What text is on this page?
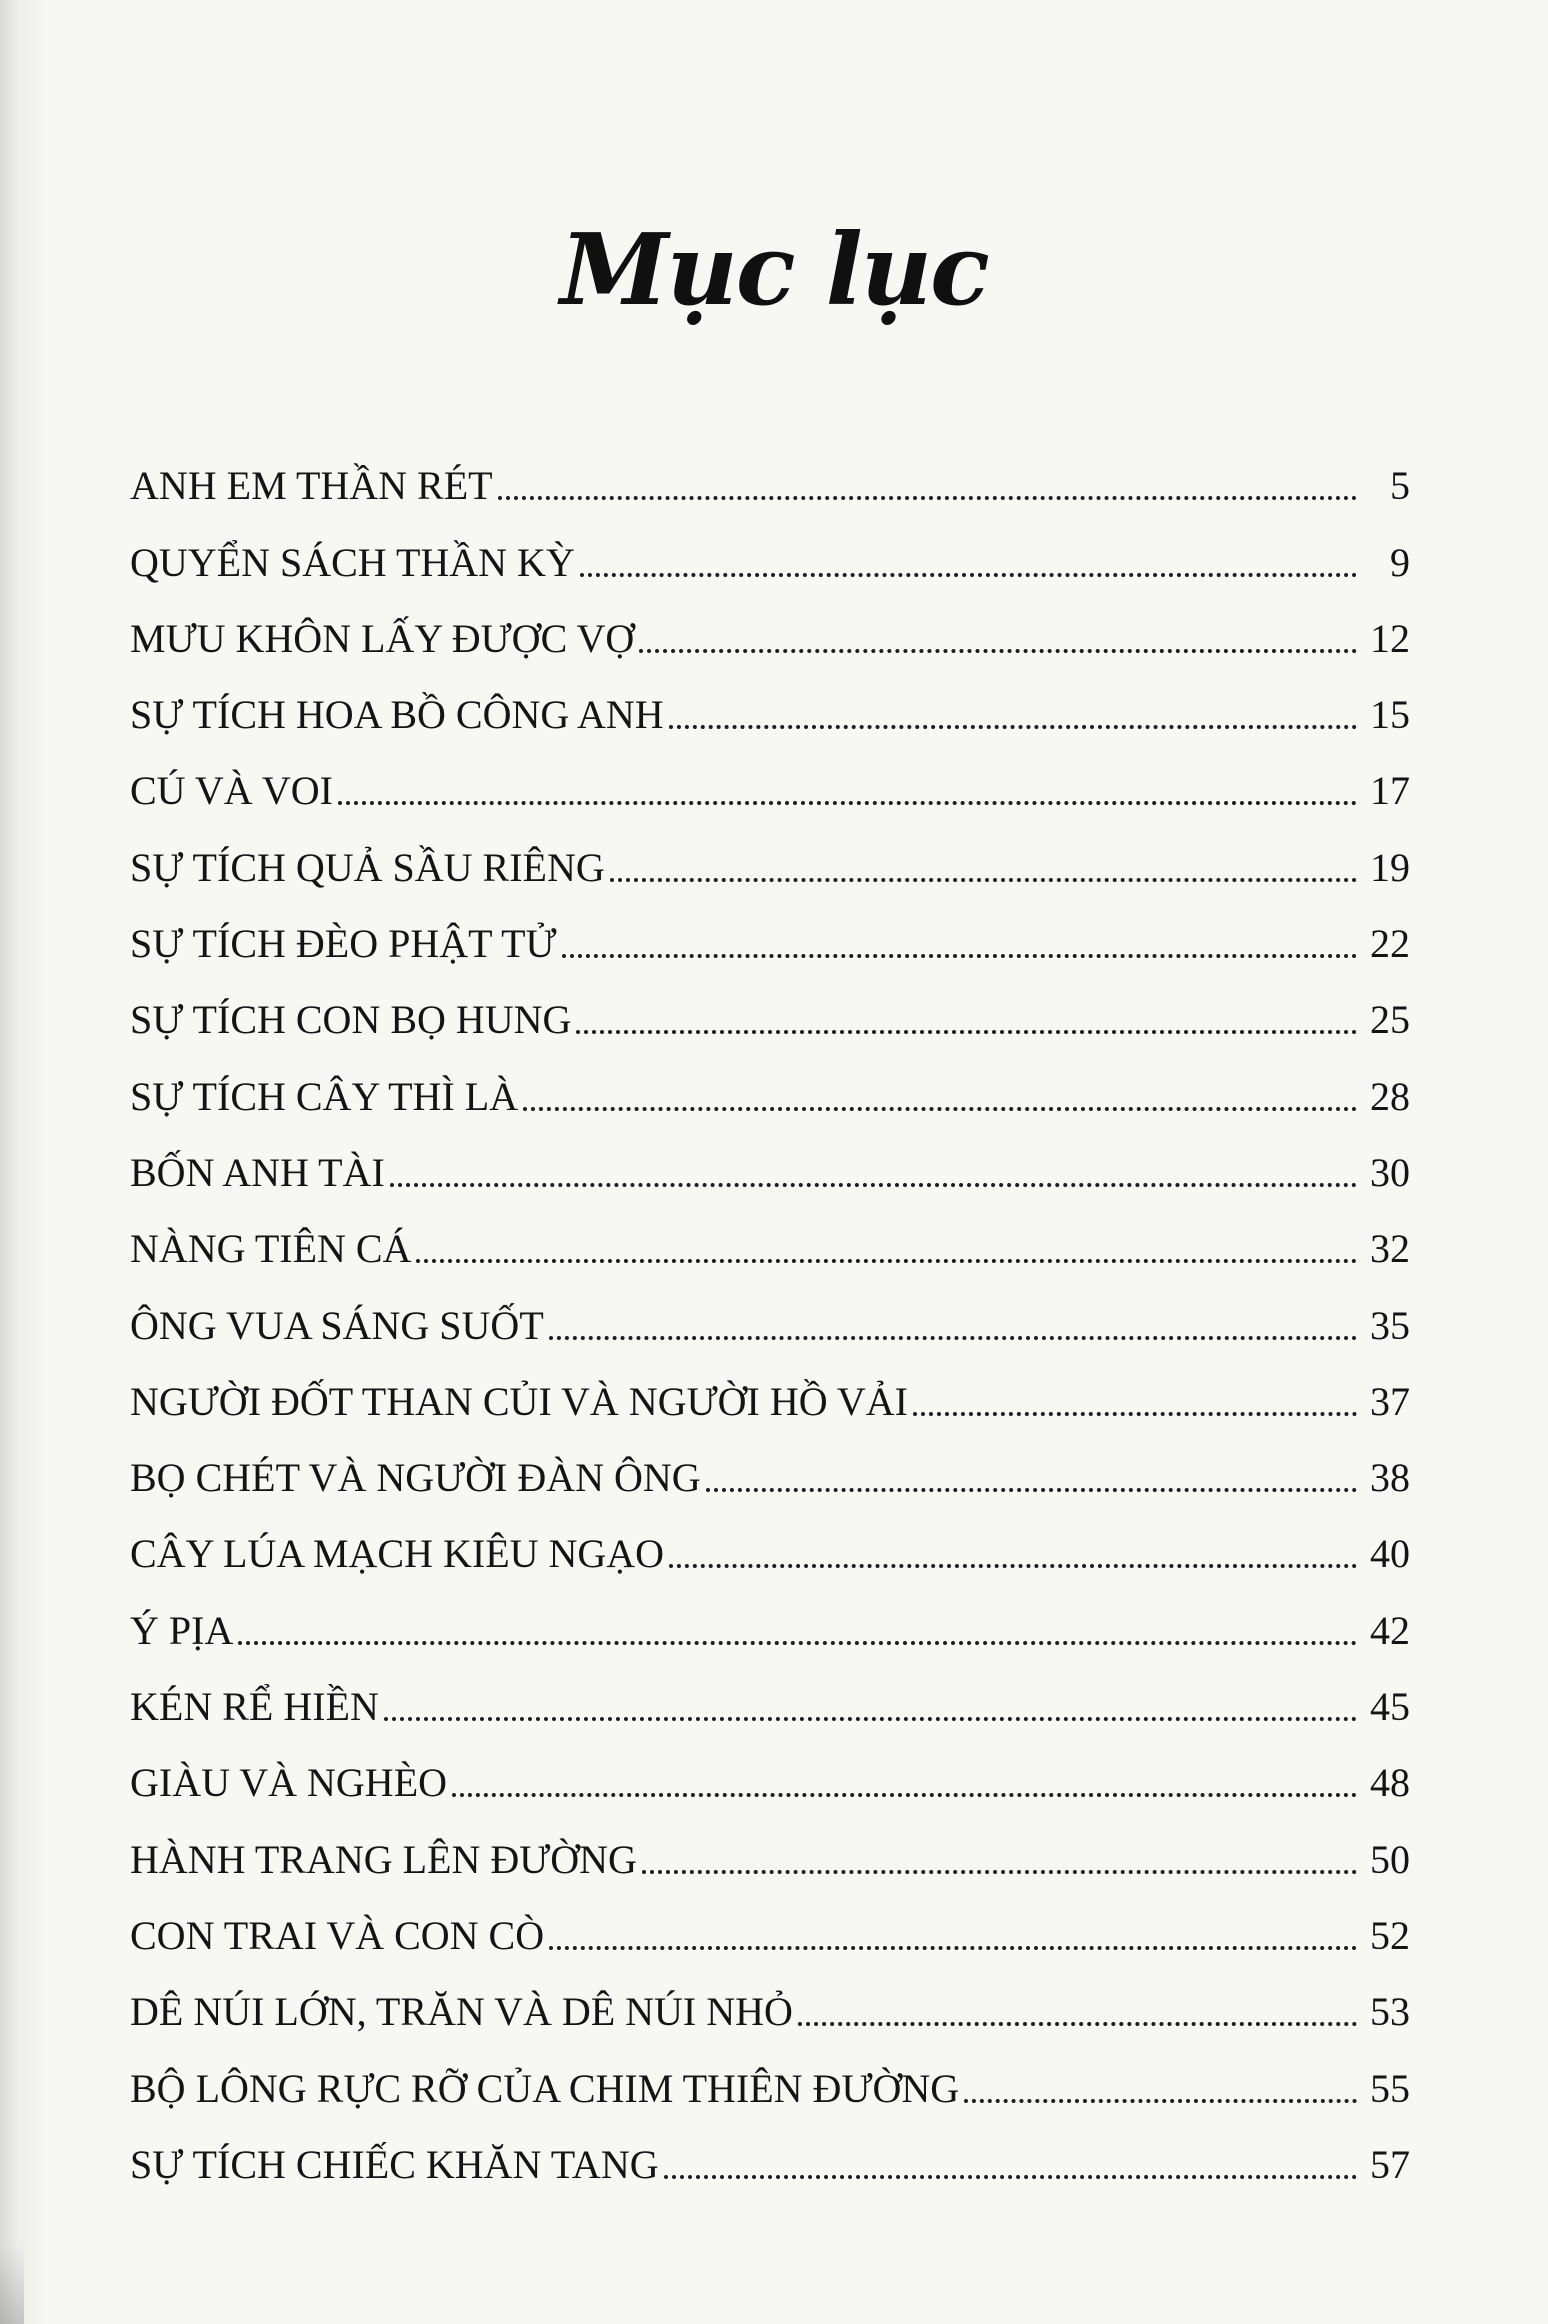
Mục lục
ANH EM THẦN RÉT	5
QUYỂN SÁCH THẦN KỲ	9
MƯU KHÔN LẤY ĐƯỢC VỢ	12
SỰ TÍCH HOA BỒ CÔNG ANH	15
CÚ VÀ VOI	17
SỰ TÍCH QUẢ SẦU RIÊNG	19
SỰ TÍCH ĐÈO PHẬT TỬ	22
SỰ TÍCH CON BỌ HUNG	25
SỰ TÍCH CÂY THÌ LÀ	28
BỐN ANH TÀI	30
NÀNG TIÊN CÁ	32
ÔNG VUA SÁNG SUỐT	35
NGƯỜI ĐỐT THAN CỦI VÀ NGƯỜI HỒ VẢI	37
BỌ CHÉT VÀ NGƯỜI ĐÀN ÔNG	38
CÂY LÚA MẠCH KIÊU NGẠO	40
Ý PỊA	42
KÉN RỂ HIỀN	45
GIÀU VÀ NGHÈO	48
HÀNH TRANG LÊN ĐƯỜNG	50
CON TRAI VÀ CON CÒ	52
DÊ NÚI LỚN, TRĂN VÀ DÊ NÚI NHỎ	53
BỘ LÔNG RỰC RỠ CỦA CHIM THIÊN ĐƯỜNG	55
SỰ TÍCH CHIẾC KHĂN TANG	57
